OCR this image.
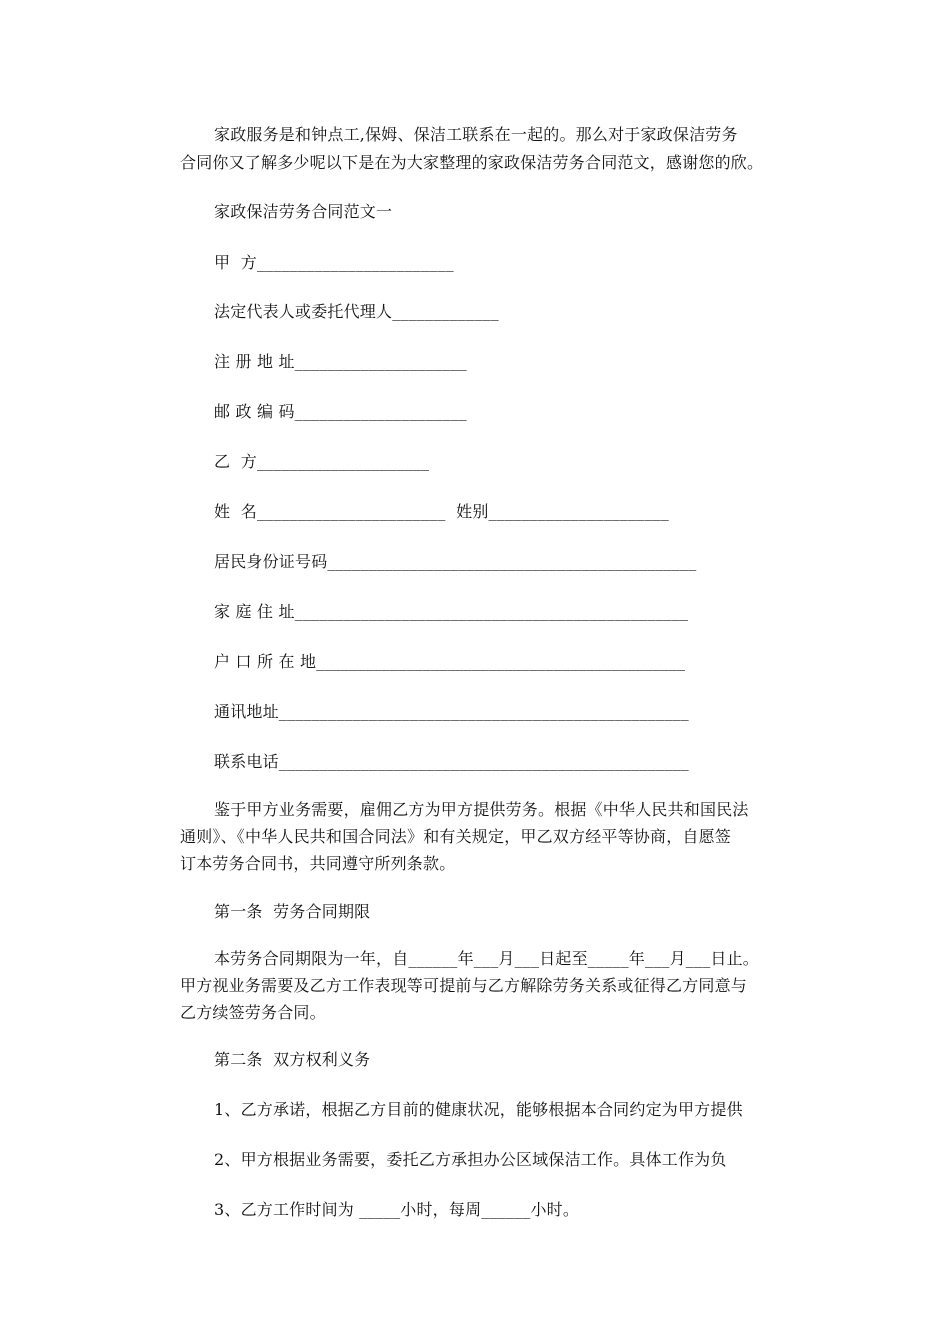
家政服务是和钟点工,保姆、保洁工联系在一起的。那么对于家政保洁劳务
合同你又了解多少呢以下是在为大家整理的家政保洁劳务合同范文，感谢您的欣。
家政保洁劳务合同范文一
甲  方________________________
法定代表人或委托代理人_____________
注 册 地 址_____________________
邮 政 编 码_____________________
乙  方_____________________
姓  名_______________________  姓别______________________
居民身份证号码_____________________________________________
家 庭 住 址________________________________________________
户 口 所 在 地_____________________________________________
通讯地址__________________________________________________
联系电话__________________________________________________
鉴于甲方业务需要，雇佣乙方为甲方提供劳务。根据《中华人民共和国民法
通则》、《中华人民共和国合同法》和有关规定，甲乙双方经平等协商，自愿签
订本劳务合同书，共同遵守所列条款。
第一条  劳务合同期限
本劳务合同期限为一年，自______年___月___日起至_____年___月___日止。
甲方视业务需要及乙方工作表现等可提前与乙方解除劳务关系或征得乙方同意与
乙方续签劳务合同。
第二条  双方权利义务
1、乙方承诺，根据乙方目前的健康状况，能够根据本合同约定为甲方提供
2、甲方根据业务需要，委托乙方承担办公区域保洁工作。具体工作为负
3、乙方工作时间为 _____小时，每周______小时。
